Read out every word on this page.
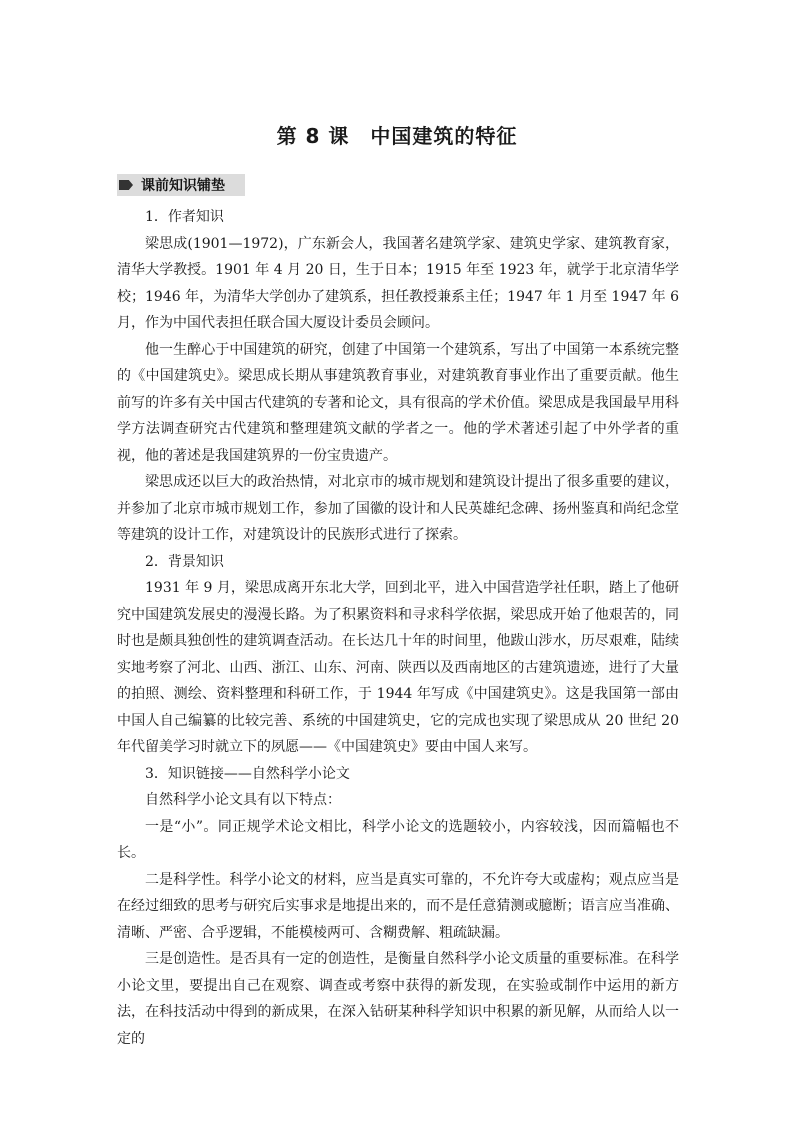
第 8 课　中国建筑的特征
课前知识铺垫

1．作者知识

梁思成(1901—1972)，广东新会人，我国著名建筑学家、建筑史学家、建筑教育家，清华大学教授。1901 年 4 月 20 日，生于日本；1915 年至 1923 年，就学于北京清华学校；1946 年，为清华大学创办了建筑系，担任教授兼系主任；1947 年 1 月至 1947 年 6 月，作为中国代表担任联合国大厦设计委员会顾问。

他一生醉心于中国建筑的研究，创建了中国第一个建筑系，写出了中国第一本系统完整的《中国建筑史》。梁思成长期从事建筑教育事业，对建筑教育事业作出了重要贡献。他生前写的许多有关中国古代建筑的专著和论文，具有很高的学术价值。梁思成是我国最早用科学方法调查研究古代建筑和整理建筑文献的学者之一。他的学术著述引起了中外学者的重视，他的著述是我国建筑界的一份宝贵遗产。

梁思成还以巨大的政治热情，对北京市的城市规划和建筑设计提出了很多重要的建议，并参加了北京市城市规划工作，参加了国徽的设计和人民英雄纪念碑、扬州鉴真和尚纪念堂等建筑的设计工作，对建筑设计的民族形式进行了探索。

2．背景知识

1931 年 9 月，梁思成离开东北大学，回到北平，进入中国营造学社任职，踏上了他研究中国建筑发展史的漫漫长路。为了积累资料和寻求科学依据，梁思成开始了他艰苦的，同时也是颇具独创性的建筑调查活动。在长达几十年的时间里，他跋山涉水，历尽艰难，陆续实地考察了河北、山西、浙江、山东、河南、陕西以及西南地区的古建筑遗迹，进行了大量的拍照、测绘、资料整理和科研工作，于 1944 年写成《中国建筑史》。这是我国第一部由中国人自己编纂的比较完善、系统的中国建筑史，它的完成也实现了梁思成从 20 世纪 20 年代留美学习时就立下的夙愿——《中国建筑史》要由中国人来写。

3．知识链接——自然科学小论文

自然科学小论文具有以下特点：

一是“小”。同正规学术论文相比，科学小论文的选题较小，内容较浅，因而篇幅也不长。

二是科学性。科学小论文的材料，应当是真实可靠的，不允许夸大或虚构；观点应当是在经过细致的思考与研究后实事求是地提出来的，而不是任意猜测或臆断；语言应当准确、清晰、严密、合乎逻辑，不能模棱两可、含糊费解、粗疏缺漏。

三是创造性。是否具有一定的创造性，是衡量自然科学小论文质量的重要标准。在科学小论文里，要提出自己在观察、调查或考察中获得的新发现，在实验或制作中运用的新方法，在科技活动中得到的新成果，在深入钻研某种科学知识中积累的新见解，从而给人以一定的
